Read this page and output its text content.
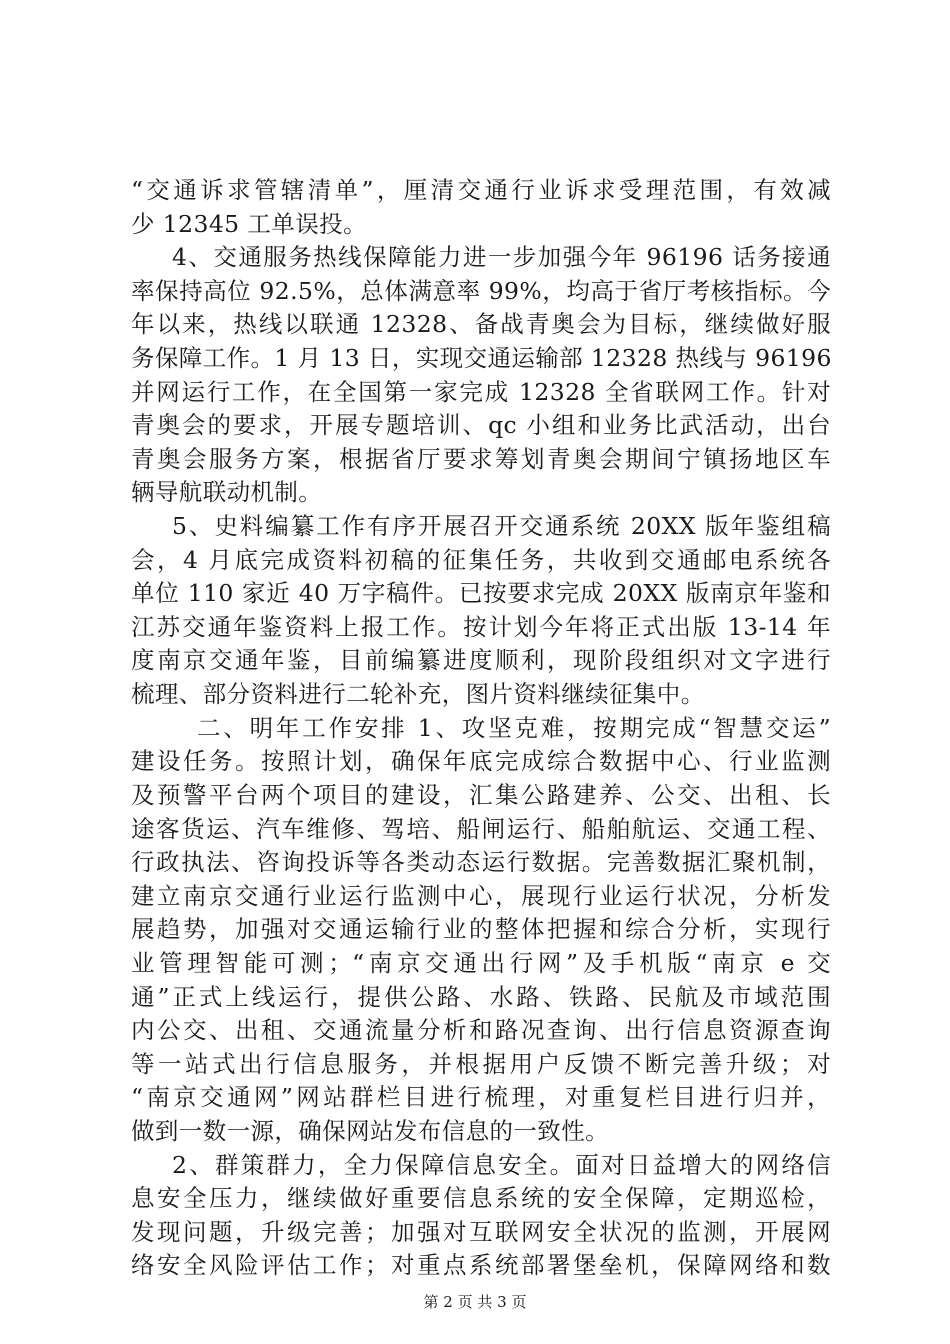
“交通诉求管辖清单”，厘清交通行业诉求受理范围，有效减
少 12345 工单误投。
4、交通服务热线保障能力进一步加强今年 96196 话务接通
率保持高位 92.5%，总体满意率 99%，均高于省厅考核指标。今
年以来，热线以联通 12328、备战青奥会为目标，继续做好服
务保障工作。1 月 13 日，实现交通运输部 12328 热线与 96196
并网运行工作，在全国第一家完成 12328 全省联网工作。针对
青奥会的要求，开展专题培训、qc 小组和业务比武活动，出台
青奥会服务方案，根据省厅要求筹划青奥会期间宁镇扬地区车
辆导航联动机制。
5、史料编纂工作有序开展召开交通系统 20XX 版年鉴组稿
会，4 月底完成资料初稿的征集任务，共收到交通邮电系统各
单位 110 家近 40 万字稿件。已按要求完成 20XX 版南京年鉴和
江苏交通年鉴资料上报工作。按计划今年将正式出版 13-14 年
度南京交通年鉴，目前编纂进度顺利，现阶段组织对文字进行
梳理、部分资料进行二轮补充，图片资料继续征集中。
二、明年工作安排 1、攻坚克难，按期完成“智慧交运”
建设任务。按照计划，确保年底完成综合数据中心、行业监测
及预警平台两个项目的建设，汇集公路建养、公交、出租、长
途客货运、汽车维修、驾培、船闸运行、船舶航运、交通工程、
行政执法、咨询投诉等各类动态运行数据。完善数据汇聚机制，
建立南京交通行业运行监测中心，展现行业运行状况，分析发
展趋势，加强对交通运输行业的整体把握和综合分析，实现行
业管理智能可测；“南京交通出行网”及手机版“南京 e 交
通”正式上线运行，提供公路、水路、铁路、民航及市域范围
内公交、出租、交通流量分析和路况查询、出行信息资源查询
等一站式出行信息服务，并根据用户反馈不断完善升级；对
“南京交通网”网站群栏目进行梳理，对重复栏目进行归并，
做到一数一源，确保网站发布信息的一致性。
2、群策群力，全力保障信息安全。面对日益增大的网络信
息安全压力，继续做好重要信息系统的安全保障，定期巡检，
发现问题，升级完善；加强对互联网安全状况的监测，开展网
络安全风险评估工作；对重点系统部署堡垒机，保障网络和数
第 2 页 共 3 页
